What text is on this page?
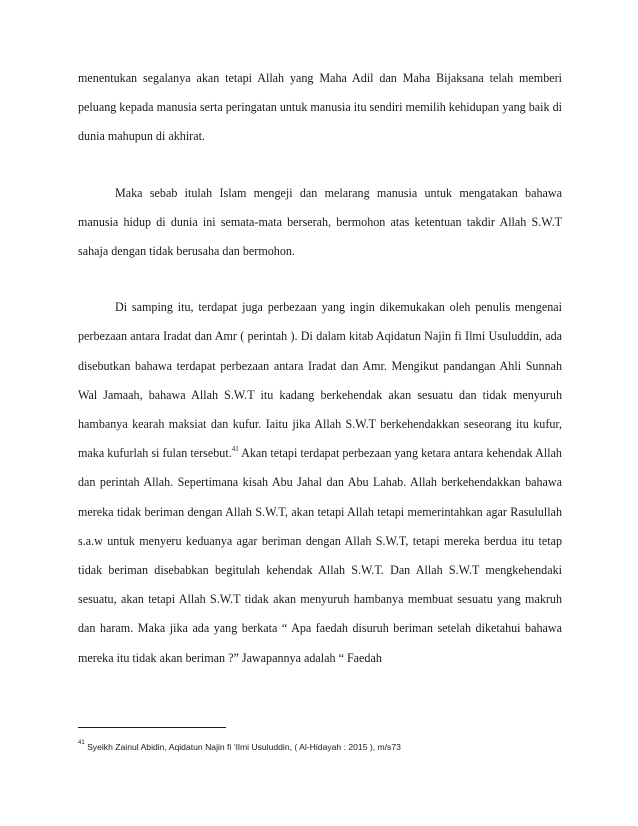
menentukan segalanya akan tetapi Allah yang Maha Adil dan Maha Bijaksana telah memberi peluang kepada manusia serta peringatan untuk manusia itu sendiri memilih kehidupan yang baik di dunia mahupun di akhirat.

Maka sebab itulah Islam mengeji dan melarang manusia untuk mengatakan bahawa manusia hidup di dunia ini semata-mata berserah, bermohon atas ketentuan takdir Allah S.W.T sahaja dengan tidak berusaha dan bermohon.

Di samping itu, terdapat juga perbezaan yang ingin dikemukakan oleh penulis mengenai perbezaan antara Iradat dan Amr ( perintah ). Di dalam kitab Aqidatun Najin fi Ilmi Usuluddin, ada disebutkan bahawa terdapat perbezaan antara Iradat dan Amr. Mengikut pandangan Ahli Sunnah Wal Jamaah, bahawa Allah S.W.T itu kadang berkehendak akan sesuatu dan tidak menyuruh hambanya kearah maksiat dan kufur. Iaitu jika Allah S.W.T berkehendakkan seseorang itu kufur, maka kufurlah si fulan tersebut.$^{41}$ Akan tetapi terdapat perbezaan yang ketara antara kehendak Allah dan perintah Allah. Sepertimana kisah Abu Jahal dan Abu Lahab. Allah berkehendakkan bahawa mereka tidak beriman dengan Allah S.W.T, akan tetapi Allah tetapi memerintahkan agar Rasulullah s.a.w untuk menyeru keduanya agar beriman dengan Allah S.W.T, tetapi mereka berdua itu tetap tidak beriman disebabkan begitulah kehendak Allah S.W.T. Dan Allah S.W.T mengkehendaki sesuatu, akan tetapi Allah S.W.T tidak akan menyuruh hambanya membuat sesuatu yang makruh dan haram. Maka jika ada yang berkata “ Apa faedah disuruh beriman setelah diketahui bahawa mereka itu tidak akan beriman ?” Jawapannya adalah “ Faedah

$^{41}$ Syeikh Zainul Abidin, Aqidatun Najin fi ‘Ilmi Usuluddin, ( Al-Hidayah : 2015 ), m/s73
